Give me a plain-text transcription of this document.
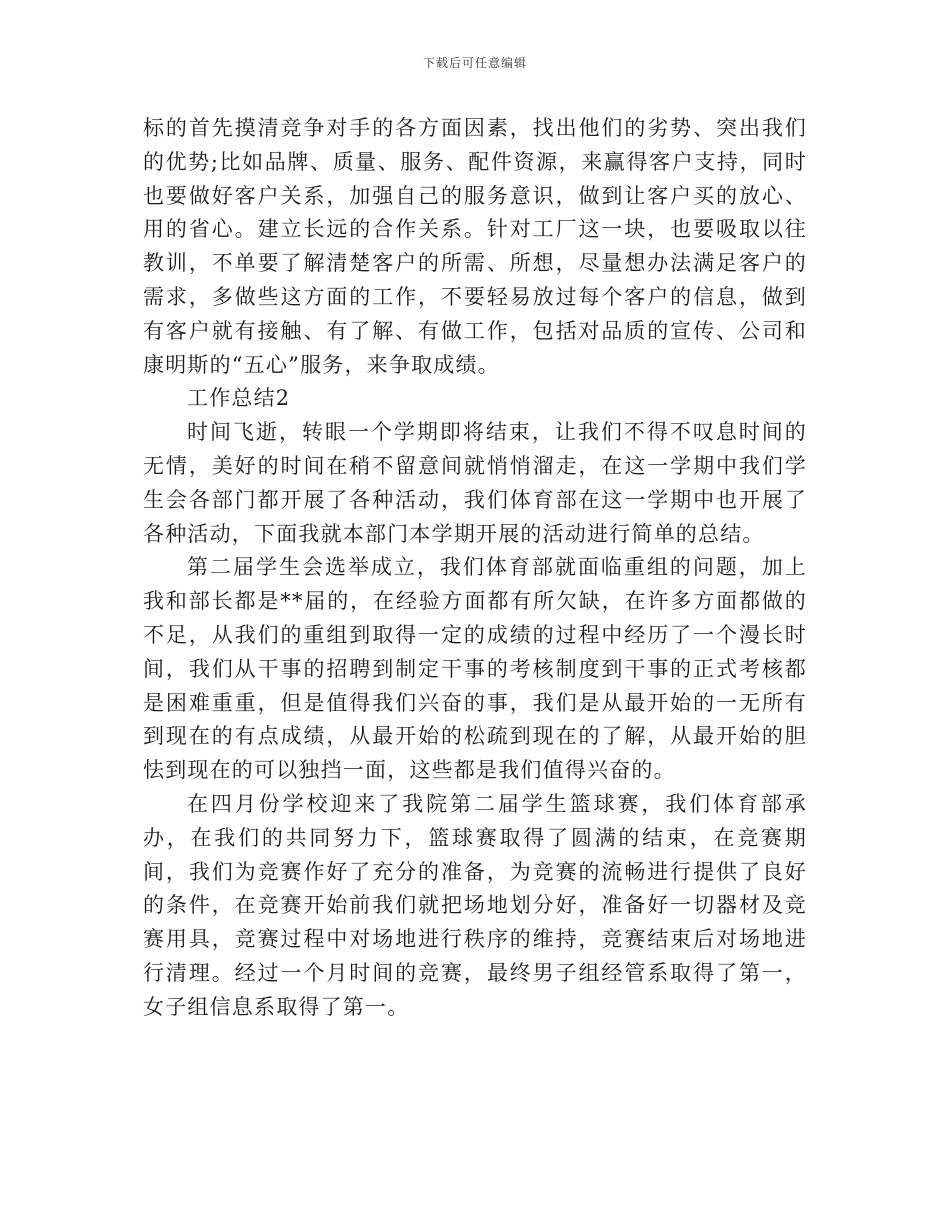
下载后可任意编辑

标的首先摸清竞争对手的各方面因素，找出他们的劣势、突出我们的优势;比如品牌、质量、服务、配件资源，来赢得客户支持，同时也要做好客户关系，加强自己的服务意识，做到让客户买的放心、用的省心。建立长远的合作关系。针对工厂这一块，也要吸取以往教训，不单要了解清楚客户的所需、所想，尽量想办法满足客户的需求，多做些这方面的工作，不要轻易放过每个客户的信息，做到有客户就有接触、有了解、有做工作，包括对品质的宣传、公司和康明斯的“五心”服务，来争取成绩。

工作总结2

时间飞逝，转眼一个学期即将结束，让我们不得不叹息时间的无情，美好的时间在稍不留意间就悄悄溜走，在这一学期中我们学生会各部门都开展了各种活动，我们体育部在这一学期中也开展了各种活动，下面我就本部门本学期开展的活动进行简单的总结。

第二届学生会选举成立，我们体育部就面临重组的问题，加上我和部长都是**届的，在经验方面都有所欠缺，在许多方面都做的不足，从我们的重组到取得一定的成绩的过程中经历了一个漫长时间，我们从干事的招聘到制定干事的考核制度到干事的正式考核都是困难重重，但是值得我们兴奋的事，我们是从最开始的一无所有到现在的有点成绩，从最开始的松疏到现在的了解，从最开始的胆怯到现在的可以独挡一面，这些都是我们值得兴奋的。

在四月份学校迎来了我院第二届学生篮球赛，我们体育部承办，在我们的共同努力下，篮球赛取得了圆满的结束，在竞赛期间，我们为竞赛作好了充分的准备，为竞赛的流畅进行提供了良好的条件，在竞赛开始前我们就把场地划分好，准备好一切器材及竞赛用具，竞赛过程中对场地进行秩序的维持，竞赛结束后对场地进行清理。经过一个月时间的竞赛，最终男子组经管系取得了第一，女子组信息系取得了第一。
